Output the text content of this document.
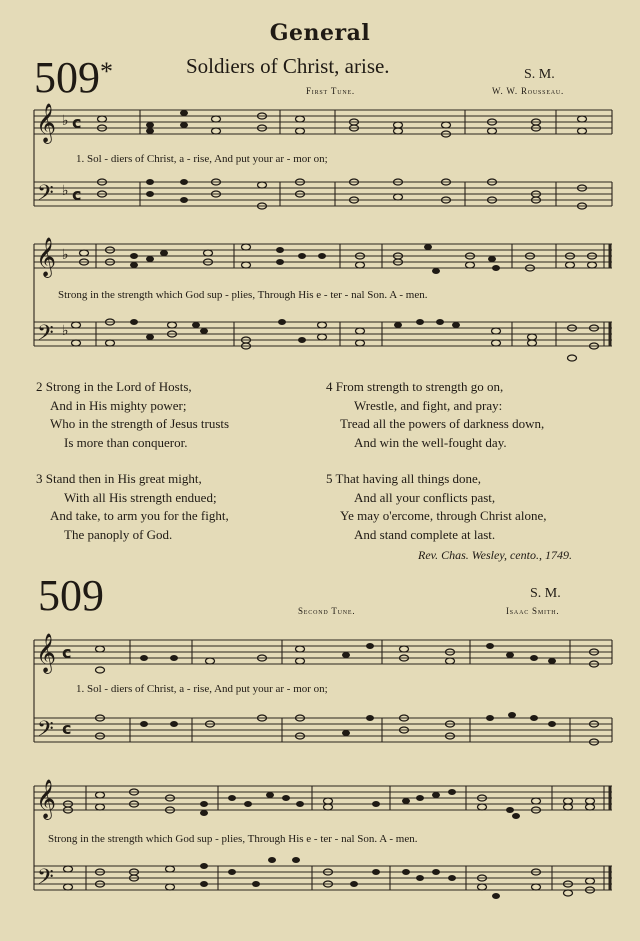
General
509*	Soldiers of Christ, arise.	S. M.
First Tune.	W. W. Rousseau.
𝄞
𝄢
♭
♭
c
c
𝄞
𝄢
♭
♭
𝄞
𝄢
c
c
𝄞
𝄢
1. Sol - diers of Christ, a - rise, And put your ar - mor on;
Strong in the strength which God sup - plies, Through His e - ter - nal Son. A - men.
2 Strong in the Lord of Hosts,
And in His mighty power;
Who in the strength of Jesus trusts
Is more than conqueror.
3 Stand then in His great might,
With all His strength endued;
And take, to arm you for the fight,
The panoply of God.
4 From strength to strength go on,
Wrestle, and fight, and pray:
Tread all the powers of darkness down,
And win the well-fought day.
5 That having all things done,
And all your conflicts past,
Ye may o'ercome, through Christ alone,
And stand complete at last.
Rev. Chas. Wesley, cento., 1749.
509	S. M.
Second Tune.	Isaac Smith.
1. Sol - diers of Christ, a - rise, And put your ar - mor on;
Strong in the strength which God sup - plies, Through His e - ter - nal Son. A - men.
